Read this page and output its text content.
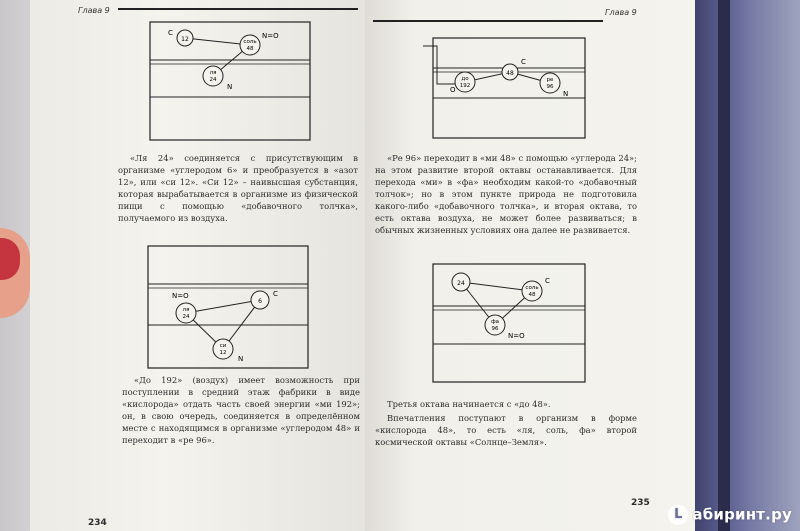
Глава 9
12
C
соль
48
N=O
ля
24
N
ля
24
N=O
6
C
си
12
N
«Ля 24» соединяется с присутствующим в организме «углеродом 6» и преобразуется в «азот 12», или «си 12». «Си 12» – наивысшая субстанция, которая вырабатывается в организме из физической пищи с помощью «добавочного толчка», получаемого из воздуха.
«До 192» (воздух) имеет возможность при поступлении в средний этаж фабрики в виде «кислорода» отдать часть своей энергии «ми 192»; он, в свою очередь, соединяется в определённом месте с находящимся в организме «углеродом 48» и переходит в «ре 96».
234
Глава 9
до
192
O
48
C
ре
96
N
24
соль
48
C
фа
96
N=O
«Ре 96» переходит в «ми 48» с помощью «углерода 24»; на этом развитие второй октавы останавливается. Для перехода «ми» в «фа» необходим какой-то «добавочный толчок»; но в этом пункте природа не подготовила какого-либо «добавочного толчка», и вторая октава, то есть октава воздуха, не может более развиваться; в обычных жизненных условиях она далее не развивается.
Третья октава начинается с «до 48».
Впечатления поступают в организм в форме «кислорода 48», то есть «ля, соль, фа» второй космической октавы «Солнце–Земля».
235
L абиринт.ру
